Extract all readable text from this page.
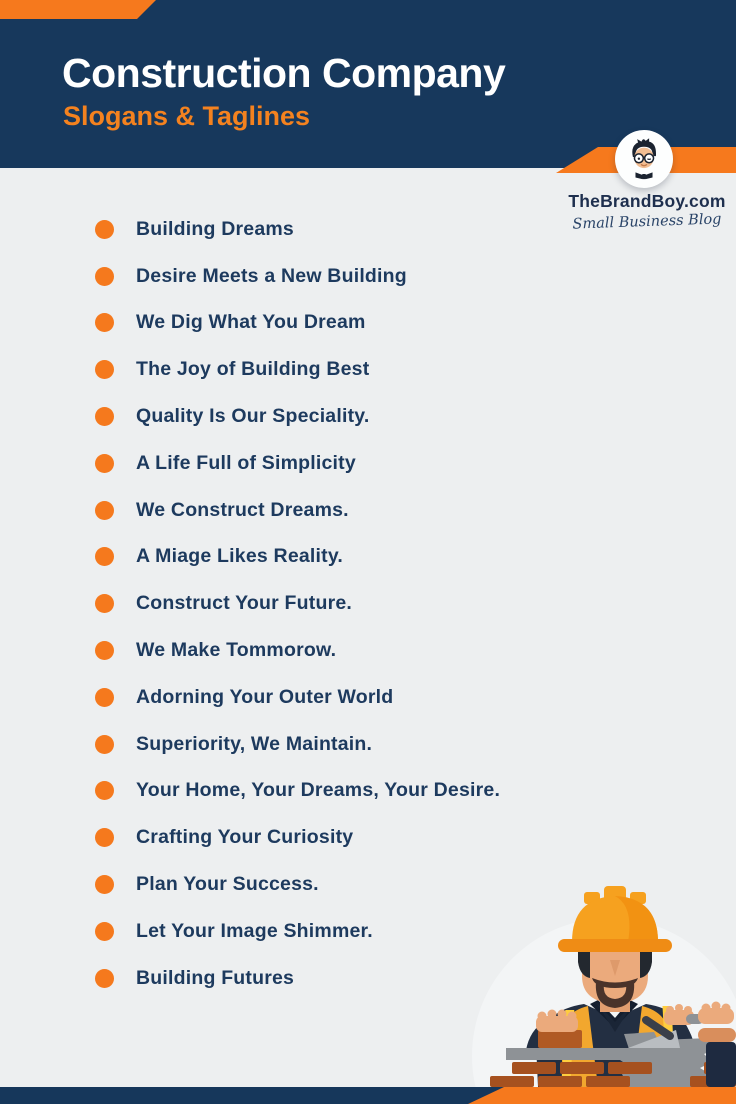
Construction Company
Slogans & Taglines
TheBrandBoy.com
Small Business Blog
Building Dreams
Desire Meets a New Building
We Dig What You Dream
The Joy of Building Best
Quality Is Our Speciality.
A Life Full of Simplicity
We Construct Dreams.
A Miage Likes Reality.
Construct Your Future.
We Make Tommorow.
Adorning Your Outer World
Superiority, We Maintain.
Your Home, Your Dreams, Your Desire.
Crafting Your Curiosity
Plan Your Success.
Let Your Image Shimmer.
Building Futures
